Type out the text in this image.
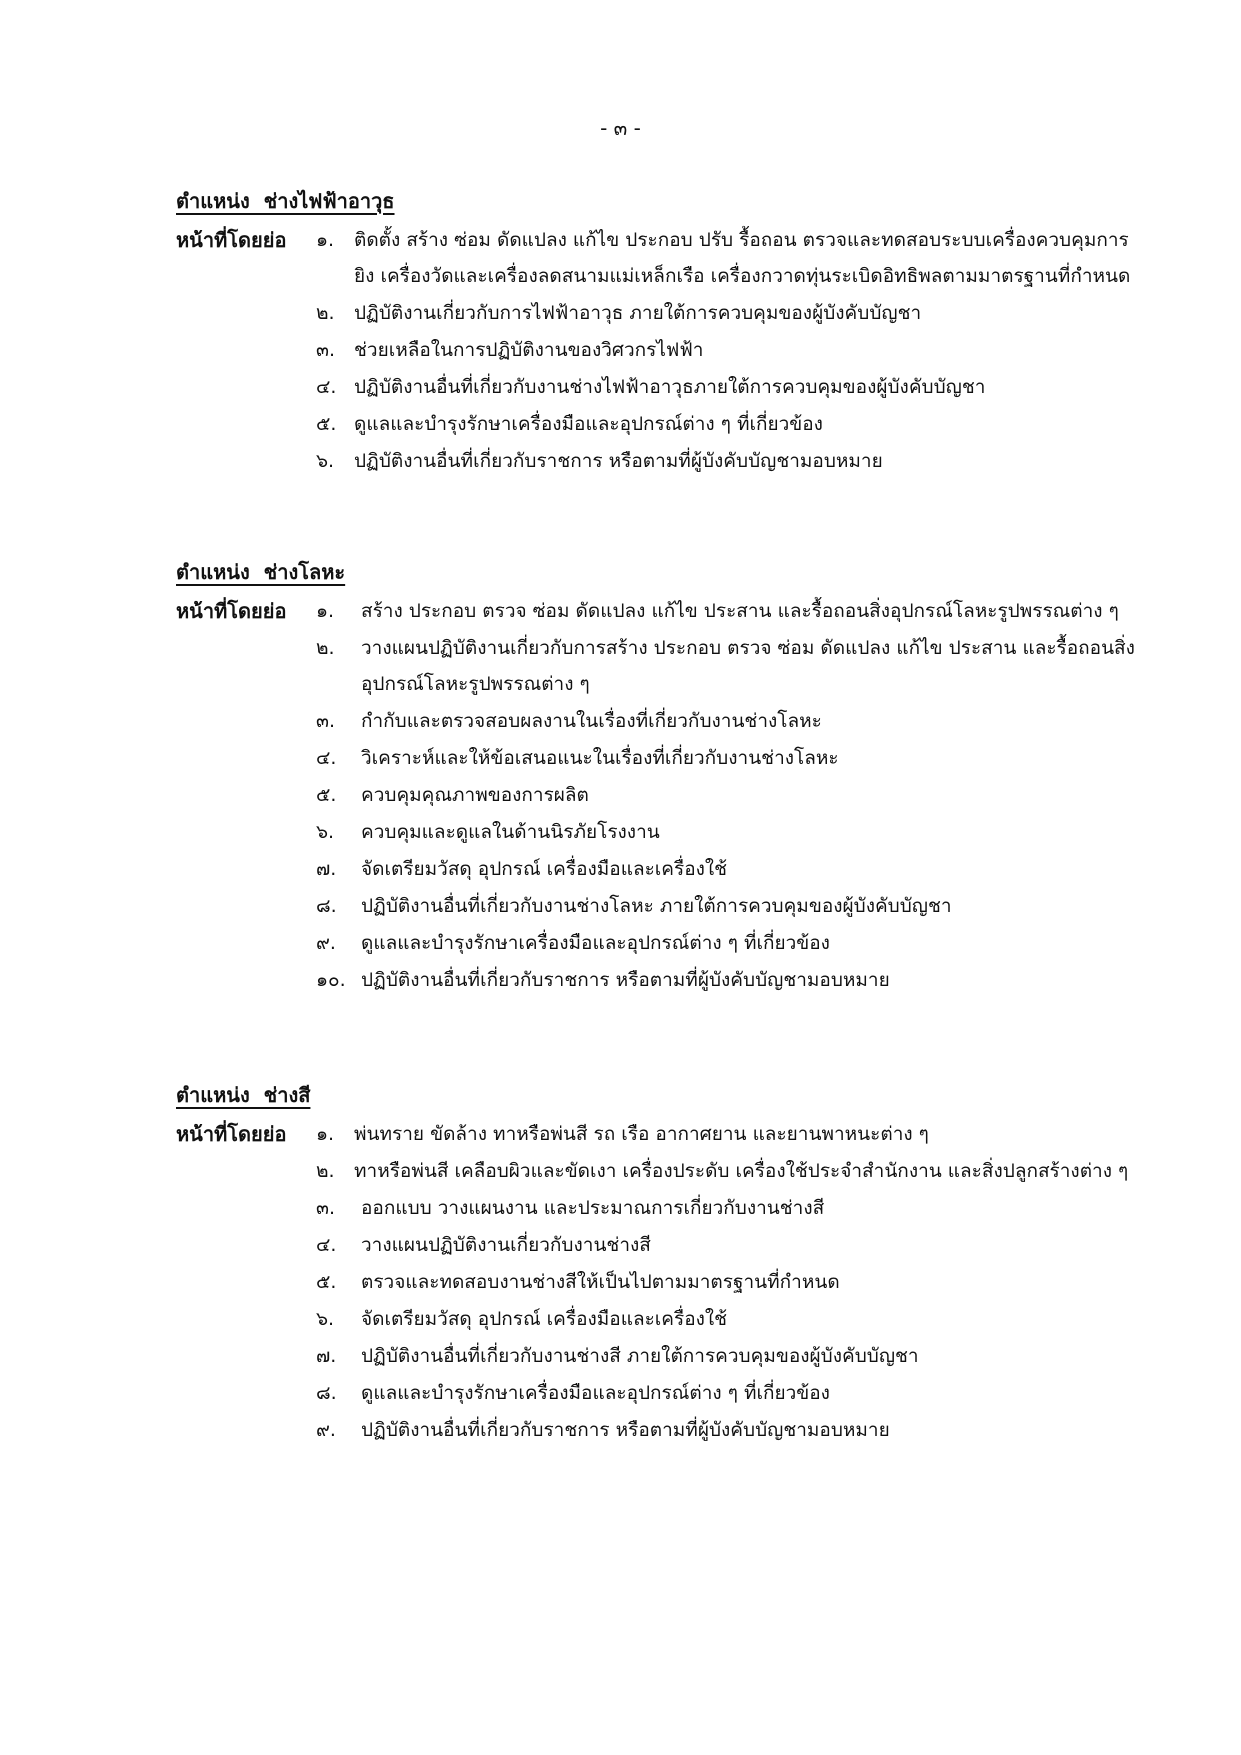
- ๓ -
ตำแหน่ง  ช่างไฟฟ้าอาวุธ
หน้าที่โดยย่อ	๑.	ติดตั้ง สร้าง ซ่อม ดัดแปลง แก้ไข ประกอบ ปรับ รื้อถอน ตรวจและทดสอบระบบเครื่องควบคุมการยิง เครื่องวัดและเครื่องลดสนามแม่เหล็กเรือ เครื่องกวาดทุ่นระเบิดอิทธิพลตามมาตรฐานที่กำหนด
๒.	ปฏิบัติงานเกี่ยวกับการไฟฟ้าอาวุธ ภายใต้การควบคุมของผู้บังคับบัญชา
๓. ช่วยเหลือในการปฏิบัติงานของวิศวกรไฟฟ้า
๔. ปฏิบัติงานอื่นที่เกี่ยวกับงานช่างไฟฟ้าอาวุธภายใต้การควบคุมของผู้บังคับบัญชา
๕. ดูแลและบำรุงรักษาเครื่องมือและอุปกรณ์ต่าง ๆ ที่เกี่ยวข้อง
๖.	ปฏิบัติงานอื่นที่เกี่ยวกับราชการ หรือตามที่ผู้บังคับบัญชามอบหมาย
ตำแหน่ง  ช่างโลหะ
หน้าที่โดยย่อ	๑.	สร้าง ประกอบ ตรวจ ซ่อม ดัดแปลง แก้ไข ประสาน และรื้อถอนสิ่งอุปกรณ์โลหะรูปพรรณต่าง ๆ
๒.	วางแผนปฏิบัติงานเกี่ยวกับการสร้าง ประกอบ ตรวจ ซ่อม ดัดแปลง แก้ไข ประสาน และรื้อถอนสิ่งอุปกรณ์โลหะรูปพรรณต่าง ๆ
๓.	กำกับและตรวจสอบผลงานในเรื่องที่เกี่ยวกับงานช่างโลหะ
๔.	วิเคราะห์และให้ข้อเสนอแนะในเรื่องที่เกี่ยวกับงานช่างโลหะ
๕.	ควบคุมคุณภาพของการผลิต
๖.	ควบคุมและดูแลในด้านนิรภัยโรงงาน
๗.	จัดเตรียมวัสดุ อุปกรณ์ เครื่องมือและเครื่องใช้
๘.	ปฏิบัติงานอื่นที่เกี่ยวกับงานช่างโลหะ ภายใต้การควบคุมของผู้บังคับบัญชา
๙.	ดูแลและบำรุงรักษาเครื่องมือและอุปกรณ์ต่าง ๆ ที่เกี่ยวข้อง
๑๐. ปฏิบัติงานอื่นที่เกี่ยวกับราชการ หรือตามที่ผู้บังคับบัญชามอบหมาย
ตำแหน่ง  ช่างสี
หน้าที่โดยย่อ	๑.	พ่นทราย ขัดล้าง ทาหรือพ่นสี รถ เรือ อากาศยาน และยานพาหนะต่าง ๆ
๒.	ทาหรือพ่นสี เคลือบผิวและขัดเงา เครื่องประดับ เครื่องใช้ประจำสำนักงาน และสิ่งปลูกสร้างต่าง ๆ
๓.	ออกแบบ วางแผนงาน และประมาณการเกี่ยวกับงานช่างสี
๔.	วางแผนปฏิบัติงานเกี่ยวกับงานช่างสี
๕.	ตรวจและทดสอบงานช่างสีให้เป็นไปตามมาตรฐานที่กำหนด
๖.	จัดเตรียมวัสดุ อุปกรณ์ เครื่องมือและเครื่องใช้
๗.	ปฏิบัติงานอื่นที่เกี่ยวกับงานช่างสี ภายใต้การควบคุมของผู้บังคับบัญชา
๘.	ดูแลและบำรุงรักษาเครื่องมือและอุปกรณ์ต่าง ๆ ที่เกี่ยวข้อง
๙.	ปฏิบัติงานอื่นที่เกี่ยวกับราชการ หรือตามที่ผู้บังคับบัญชามอบหมาย
